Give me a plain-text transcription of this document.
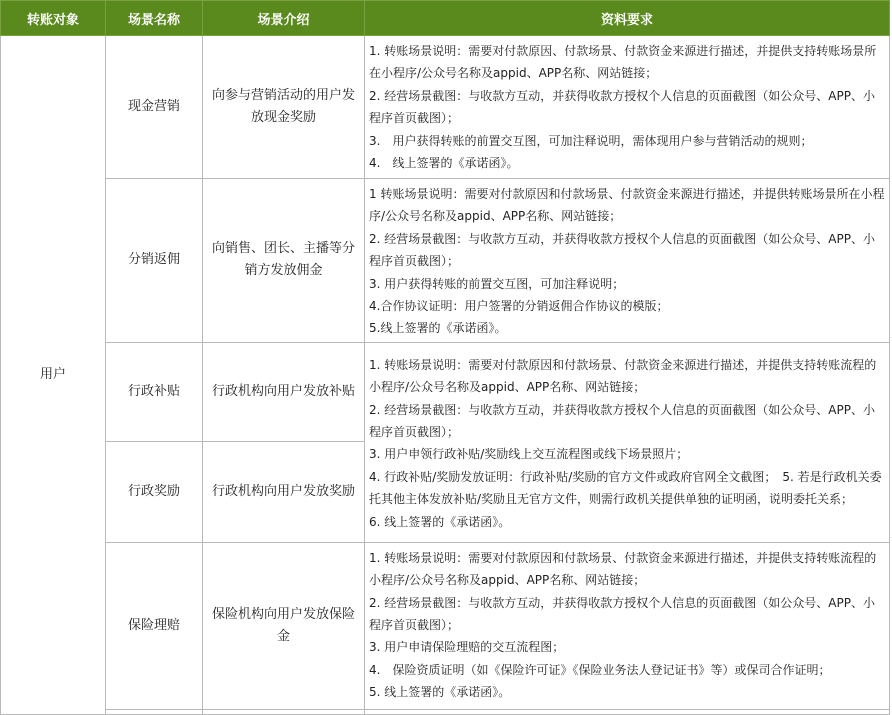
转账对象	场景名称	场景介绍	资料要求
用户	现金营销	向参与营销活动的用户发放现金奖励	1. 转账场景说明：需要对付款原因、付款场景、付款资金来源进行描述，并提供支持转账场景所在小程序/公众号名称及appid、APP名称、网站链接；
2. 经营场景截图：与收款方互动，并获得收款方授权个人信息的页面截图（如公众号、APP、小程序首页截图）；
3.　用户获得转账的前置交互图，可加注释说明，需体现用户参与营销活动的规则；
4.　线上签署的《承诺函》。

	分销返佣	向销售、团长、主播等分销方发放佣金	1 转账场景说明：需要对付款原因和付款场景、付款资金来源进行描述，并提供转账场景所在小程序/公众号名称及appid、APP名称、网站链接；
2. 经营场景截图：与收款方互动，并获得收款方授权个人信息的页面截图（如公众号、APP、小程序首页截图）；
3. 用户获得转账的前置交互图，可加注释说明；
4.合作协议证明：用户签署的分销返佣合作协议的模版；
5.线上签署的《承诺函》。

	行政补贴	行政机构向用户发放补贴	1. 转账场景说明：需要对付款原因和付款场景、付款资金来源进行描述，并提供支持转账流程的小程序/公众号名称及appid、APP名称、网站链接；
2. 经营场景截图：与收款方互动，并获得收款方授权个人信息的页面截图（如公众号、APP、小程序首页截图）；
3. 用户申领行政补贴/奖励线上交互流程图或线下场景照片；
4. 行政补贴/奖励发放证明：行政补贴/奖励的官方文件或政府官网全文截图；　5. 若是行政机关委托其他主体发放补贴/奖励且无官方文件，则需行政机关提供单独的证明函，说明委托关系；
6. 线上签署的《承诺函》。

	行政奖励	行政机构向用户发放奖励	
	保险理赔	保险机构向用户发放保险金	1. 转账场景说明：需要对付款原因和付款场景、付款资金来源进行描述，并提供支持转账流程的小程序/公众号名称及appid、APP名称、网站链接；
2. 经营场景截图：与收款方互动，并获得收款方授权个人信息的页面截图（如公众号、APP、小程序首页截图）；
3. 用户申请保险理赔的交互流程图；
4.　保险资质证明（如《保险许可证》《保险业务法人登记证书》等）或保司合作证明；
5. 线上签署的《承诺函》。
